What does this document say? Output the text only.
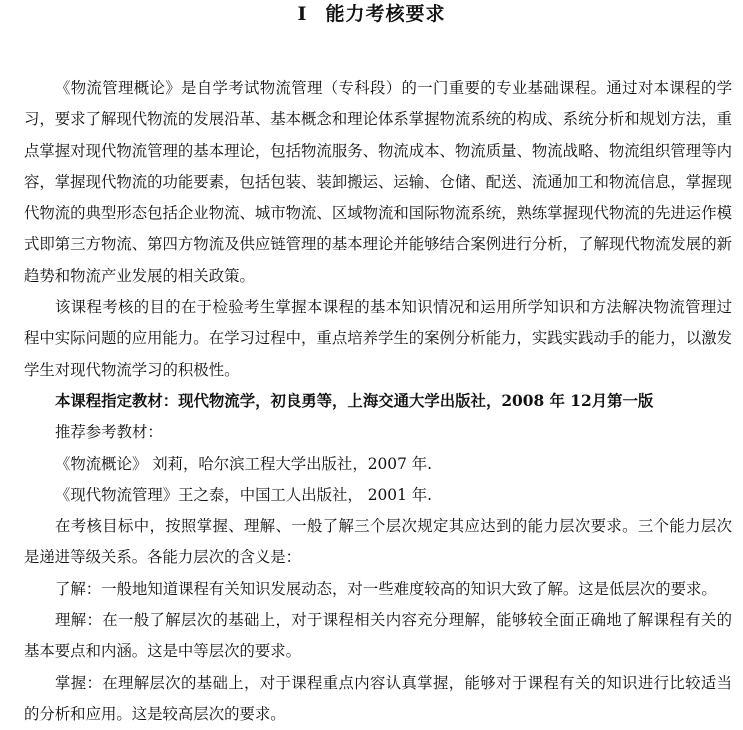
I 能力考核要求

《物流管理概论》是自学考试物流管理（专科段）的一门重要的专业基础课程。通过对本课程的学习，要求了解现代物流的发展沿革、基本概念和理论体系掌握物流系统的构成、系统分析和规划方法，重点掌握对现代物流管理的基本理论，包括物流服务、物流成本、物流质量、物流战略、物流组织管理等内容，掌握现代物流的功能要素，包括包装、装卸搬运、运输、仓储、配送、流通加工和物流信息，掌握现代物流的典型形态包括企业物流、城市物流、区域物流和国际物流系统，熟练掌握现代物流的先进运作模式即第三方物流、第四方物流及供应链管理的基本理论并能够结合案例进行分析，了解现代物流发展的新趋势和物流产业发展的相关政策。

该课程考核的目的在于检验考生掌握本课程的基本知识情况和运用所学知识和方法解决物流管理过程中实际问题的应用能力。在学习过程中，重点培养学生的案例分析能力，实践实践动手的能力，以激发学生对现代物流学习的积极性。

本课程指定教材：现代物流学，初良勇等，上海交通大学出版社，2008 年 12月第一版

推荐参考教材：

《物流概论》 刘莉，哈尔滨工程大学出版社，2007 年.

《现代物流管理》王之泰，中国工人出版社， 2001 年.

在考核目标中，按照掌握、理解、一般了解三个层次规定其应达到的能力层次要求。三个能力层次是递进等级关系。各能力层次的含义是：

了解：一般地知道课程有关知识发展动态，对一些难度较高的知识大致了解。这是低层次的要求。

理解：在一般了解层次的基础上，对于课程相关内容充分理解，能够较全面正确地了解课程有关的基本要点和内涵。这是中等层次的要求。

掌握：在理解层次的基础上，对于课程重点内容认真掌握，能够对于课程有关的知识进行比较适当的分析和应用。这是较高层次的要求。
